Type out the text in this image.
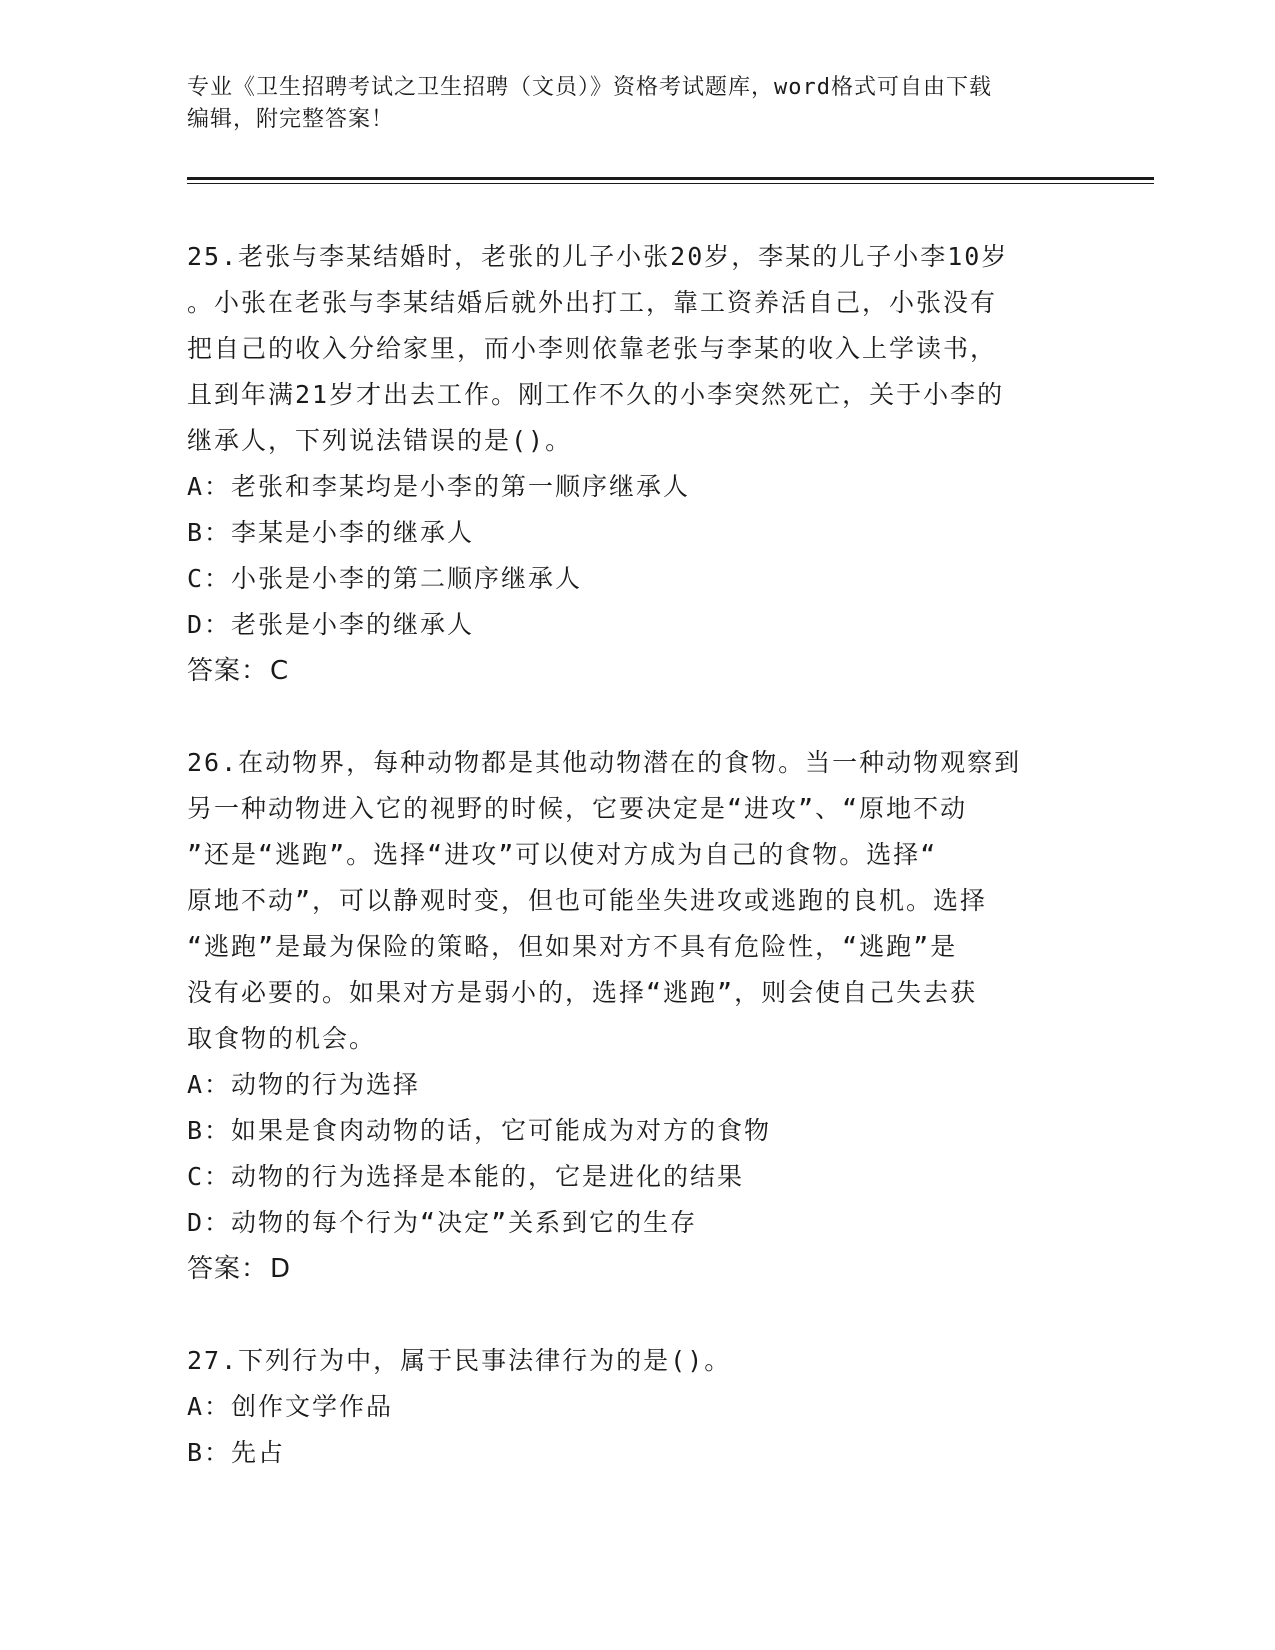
专业《卫生招聘考试之卫生招聘（文员）》资格考试题库，word格式可自由下载
编辑，附完整答案！

25.老张与李某结婚时，老张的儿子小张20岁，李某的儿子小李10岁

。小张在老张与李某结婚后就外出打工，靠工资养活自己，小张没有

把自己的收入分给家里，而小李则依靠老张与李某的收入上学读书，

且到年满21岁才出去工作。刚工作不久的小李突然死亡，关于小李的

继承人，下列说法错误的是()。

A：老张和李某均是小李的第一顺序继承人

B：李某是小李的继承人

C：小张是小李的第二顺序继承人

D：老张是小李的继承人

答案：C

26.在动物界，每种动物都是其他动物潜在的食物。当一种动物观察到

另一种动物进入它的视野的时候，它要决定是“进攻”、“原地不动

”还是“逃跑”。选择“进攻”可以使对方成为自己的食物。选择“

原地不动”，可以静观时变，但也可能坐失进攻或逃跑的良机。选择

“逃跑”是最为保险的策略，但如果对方不具有危险性，“逃跑”是

没有必要的。如果对方是弱小的，选择“逃跑”，则会使自己失去获

取食物的机会。

A：动物的行为选择

B：如果是食肉动物的话，它可能成为对方的食物

C：动物的行为选择是本能的，它是进化的结果

D：动物的每个行为“决定”关系到它的生存

答案：D

27.下列行为中，属于民事法律行为的是()。

A：创作文学作品

B：先占
